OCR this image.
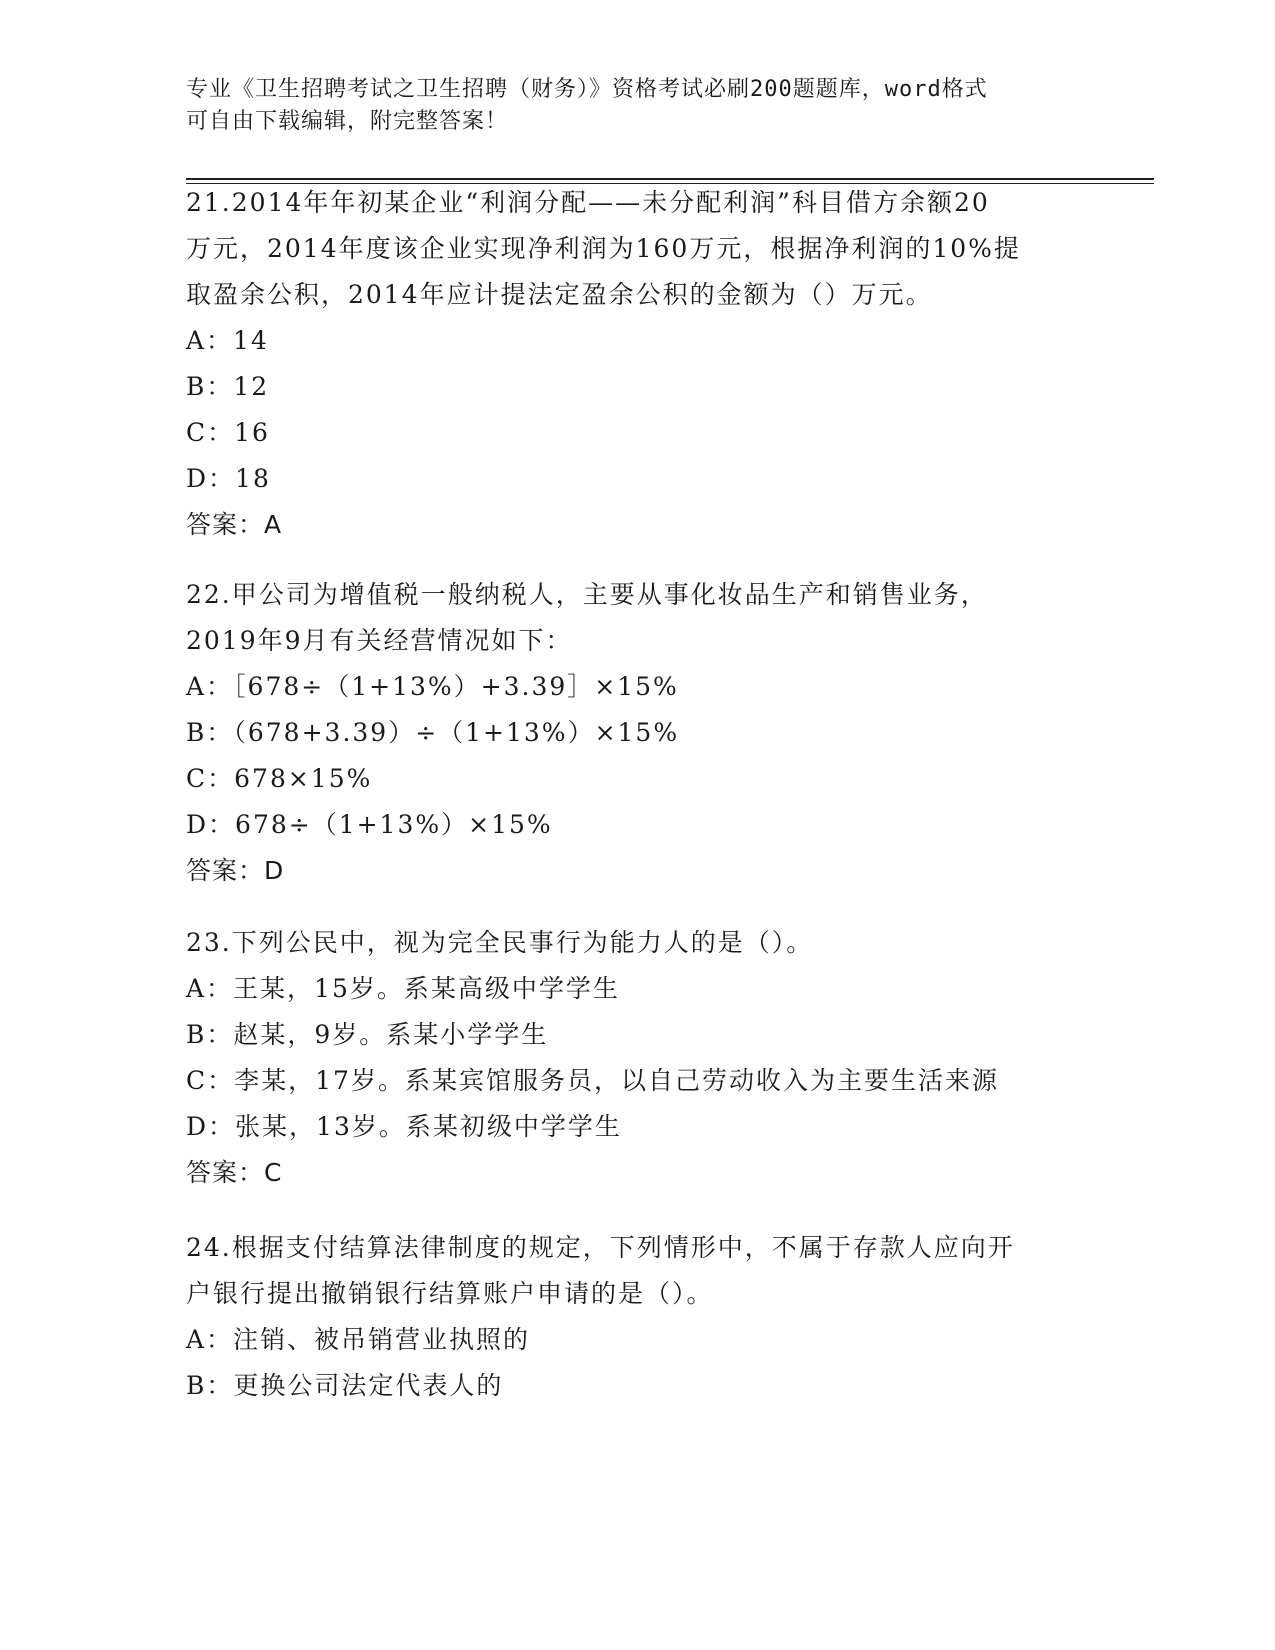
专业《卫生招聘考试之卫生招聘（财务）》资格考试必刷200题题库，word格式
可自由下载编辑，附完整答案！
21.2014年年初某企业“利润分配——未分配利润”科目借方余额20
万元，2014年度该企业实现净利润为160万元，根据净利润的10%提
取盈余公积，2014年应计提法定盈余公积的金额为（）万元。
A：14
B：12
C：16
D：18
答案：A
22.甲公司为增值税一般纳税人，主要从事化妆品生产和销售业务，
2019年9月有关经营情况如下：
A：［678÷（1+13%）+3.39］×15%
B：（678+3.39）÷（1+13%）×15%
C：678×15%
D：678÷（1+13%）×15%
答案：D
23.下列公民中，视为完全民事行为能力人的是（）。
A：王某，15岁。系某高级中学学生
B：赵某，9岁。系某小学学生
C：李某，17岁。系某宾馆服务员，以自己劳动收入为主要生活来源
D：张某，13岁。系某初级中学学生
答案：C
24.根据支付结算法律制度的规定，下列情形中，不属于存款人应向开
户银行提出撤销银行结算账户申请的是（）。
A：注销、被吊销营业执照的
B：更换公司法定代表人的
